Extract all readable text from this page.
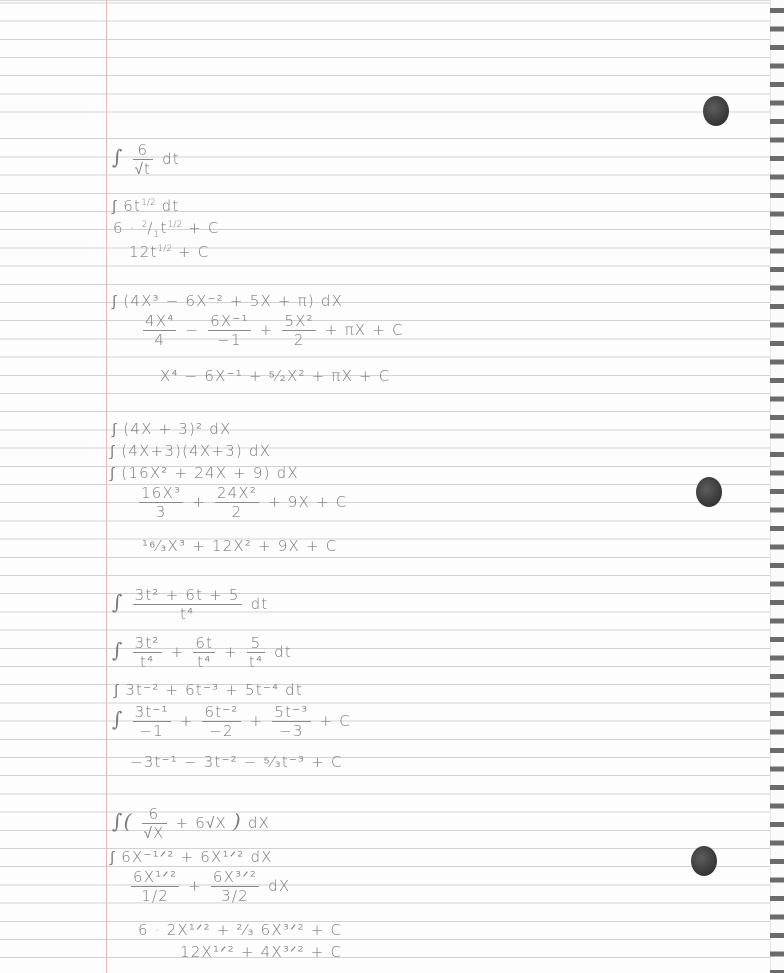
∫ $\frac{6}{√t}$ dt
∫ $6t^{1/2}$ dt
$6 \cdot ^2/_1t^{1/2} + C$
$12t^{1/2} + C$
∫ (4X³ − 6X⁻² + 5X + π) dX
$\frac{\text{4X⁴}}{4} - \frac{\text{6X⁻¹}}{-1} + \frac{\text{5X²}}{2} + \pi X + C$
X⁴ − 6X⁻¹ + ⁵⁄₂X² + πX + C
∫ (4X + 3)² dX
∫ (4X+3)(4X+3) dX
∫ (16X² + 24X + 9) dX
$\frac{\text{16X³}}{3} + \frac{\text{24X²}}{2} + 9X + C$
¹⁶⁄₃X³ + 12X² + 9X + C
∫ $\frac{\text{3t² + 6t + 5}}{\text{t⁴}}$ dt
∫ $\frac{\text{3t²}}{\text{t⁴}} + \frac{6t}{\text{t⁴}} + \frac{5}{\text{t⁴}}$ dt
∫ 3t⁻² + 6t⁻³ + 5t⁻⁴ dt
∫ $\frac{\text{3t⁻¹}}{-1} + \frac{\text{6t⁻²}}{-2} + \frac{\text{5t⁻³}}{-3} + C$
−3t⁻¹ − 3t⁻² − ⁵⁄₃t⁻³ + C
∫( $\frac{6}{√X} + 6√X$ ) dX
∫ 6X⁻¹ᐟ² + 6X¹ᐟ² dX
$\frac{\text{6X¹ᐟ²}}{1/2} + \frac{\text{6X³ᐟ²}}{3/2}$ dX
6 · 2X¹ᐟ² + ²⁄₃ 6X³ᐟ² + C
12X¹ᐟ² + 4X³ᐟ² + C
